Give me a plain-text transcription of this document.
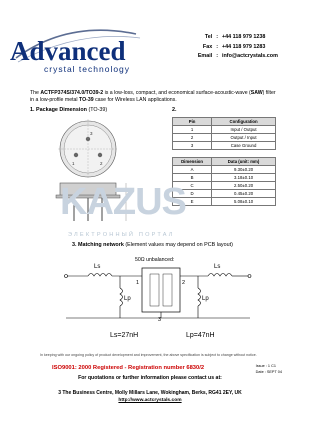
Advanced
crystal technology
Tel : +44 118 979 1238
Fax : +44 118 979 1283
Email : info@actcrystals.com
The ACTFP374S/374.0/TO39-2 is a low-loss, compact, and economical surface-acoustic-wave (SAW) filter in a low-profile metal TO-39 case for Wireless LAN applications.
1. Package Dimension (TO-39)	2.
1	2
3
Pin	Configuration
1	Input / Output
2	Output / Input
3	Case Ground
Dimension	Data (unit: mm)
A	9.30±0.20
B	3.18±0.10
C	2.50±0.20
D	0.45±0.20
E	5.08±0.10
KAZUS
ЭЛЕКТРОННЫЙ ПОРТАЛ
3. Matching network (Element values may depend on PCB layout)
50Ω unbalanced:
Ls
Lp
1	2
3
Lp
Ls
Ls=27nH	Lp=47nH
In keeping with our ongoing policy of product development and improvement, the above specification is subject to change without notice.
ISO9001: 2000 Registered - Registration number 6830/2	Issue : 1 C1
Date : SEPT 04
For quotations or further information please contact us at:
3 The Business Centre, Molly Millars Lane, Wokingham, Berks, RG41 2EY, UK
http://www.actcrystals.com
